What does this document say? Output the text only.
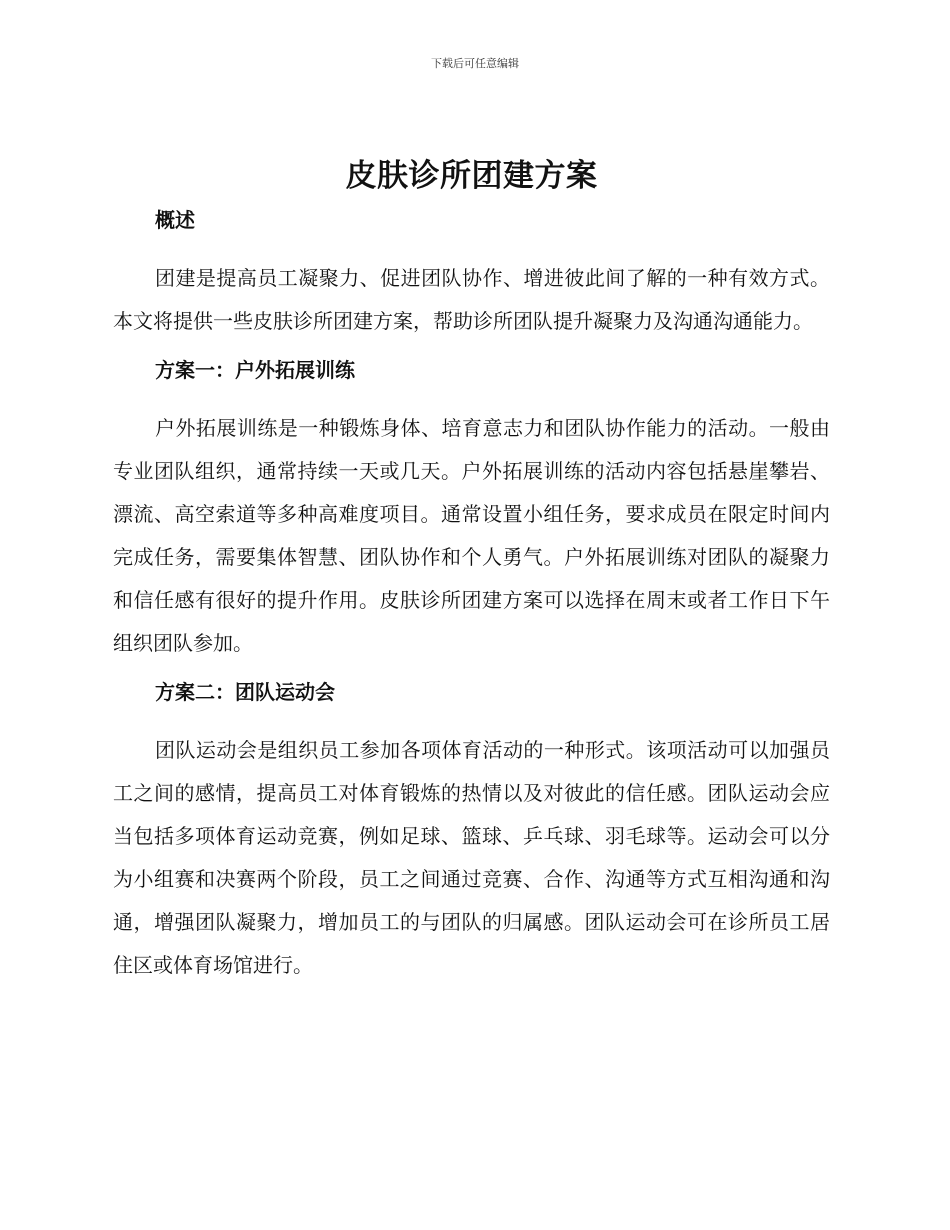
下载后可任意编辑
皮肤诊所团建方案
概述

团建是提高员工凝聚力、促进团队协作、增进彼此间了解的一种有效方式。本文将提供一些皮肤诊所团建方案，帮助诊所团队提升凝聚力及沟通沟通能力。

方案一：户外拓展训练

户外拓展训练是一种锻炼身体、培育意志力和团队协作能力的活动。一般由专业团队组织，通常持续一天或几天。户外拓展训练的活动内容包括悬崖攀岩、漂流、高空索道等多种高难度项目。通常设置小组任务，要求成员在限定时间内完成任务，需要集体智慧、团队协作和个人勇气。户外拓展训练对团队的凝聚力和信任感有很好的提升作用。皮肤诊所团建方案可以选择在周末或者工作日下午组织团队参加。

方案二：团队运动会

团队运动会是组织员工参加各项体育活动的一种形式。该项活动可以加强员工之间的感情，提高员工对体育锻炼的热情以及对彼此的信任感。团队运动会应当包括多项体育运动竞赛，例如足球、篮球、乒乓球、羽毛球等。运动会可以分为小组赛和决赛两个阶段，员工之间通过竞赛、合作、沟通等方式互相沟通和沟通，增强团队凝聚力，增加员工的与团队的归属感。团队运动会可在诊所员工居住区或体育场馆进行。
